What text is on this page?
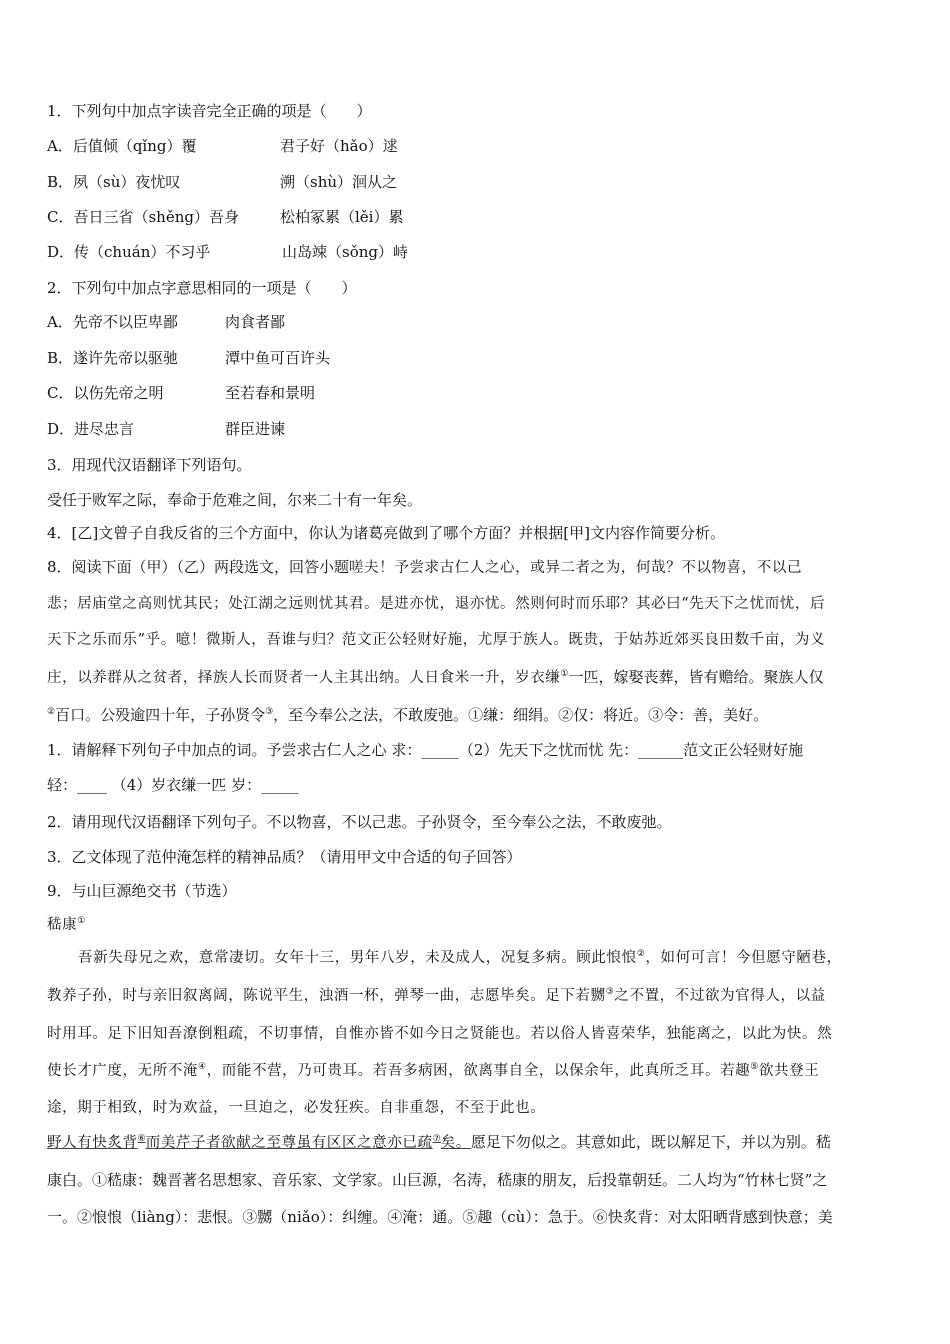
1．下列句中加点字读音完全正确的项是（　　）
A．后值倾（qǐng）覆	君子好（hǎo）逑
B．夙（sù）夜忧叹	溯（shù）洄从之
C．吾日三省（shěng）吾身	松柏冢累（lěi）累
D．传（chuán）不习乎	山岛竦（sǒng）峙
2．下列句中加点字意思相同的一项是（　　）
A．先帝不以臣卑鄙	肉食者鄙
B．遂许先帝以驱驰	潭中鱼可百许头
C．以伤先帝之明	至若春和景明
D．进尽忠言	群臣进谏
3．用现代汉语翻译下列语句。
受任于败军之际，奉命于危难之间，尔来二十有一年矣。
4．[乙]文曾子自我反省的三个方面中，你认为诸葛亮做到了哪个方面？并根据[甲]文内容作简要分析。
8．阅读下面（甲）（乙）两段选文，回答小题嗟夫！予尝求古仁人之心，或异二者之为，何哉？不以物喜，不以己
悲；居庙堂之高则忧其民；处江湖之远则忧其君。是进亦忧，退亦忧。然则何时而乐耶？其必曰“先天下之忧而忧，后
天下之乐而乐”乎。噫！微斯人，吾谁与归？范文正公轻财好施，尤厚于族人。既贵，于姑苏近郊买良田数千亩，为义
庄，以养群从之贫者，择族人长而贤者一人主其出纳。人日食米一升，岁衣缣①一匹，嫁娶丧葬，皆有赡给。聚族人仅
②百口。公殁逾四十年，子孙贤令③，至今奉公之法，不敢废弛。①缣：细绢。②仅：将近。③令：善，美好。
1．请解释下列句子中加点的词。予尝求古仁人之心 求：_____（2）先天下之忧而忧 先：______范文正公轻财好施
轻：____ （4）岁衣缣一匹 岁：_____
2．请用现代汉语翻译下列句子。不以物喜，不以己悲。子孙贤令，至今奉公之法，不敢废弛。
3．乙文体现了范仲淹怎样的精神品质？（请用甲文中合适的句子回答）
9．与山巨源绝交书（节选）
嵇康①
吾新失母兄之欢，意常凄切。女年十三，男年八岁，未及成人，况复多病。顾此悢悢②，如何可言！今但愿守陋巷，
教养子孙，时与亲旧叙离阔，陈说平生，浊酒一杯，弹琴一曲，志愿毕矣。足下若嬲③之不置，不过欲为官得人，以益
时用耳。足下旧知吾潦倒粗疏，不切事情，自惟亦皆不如今日之贤能也。若以俗人皆喜荣华，独能离之，以此为快。然
使长才广度，无所不淹④，而能不营，乃可贵耳。若吾多病困，欲离事自全，以保余年，此真所乏耳。若趣⑤欲共登王
途，期于相致，时为欢益，一旦迫之，必发狂疾。自非重怨，不至于此也。
野人有快炙背⑥而美芹子者欲献之至尊虽有区区之意亦已疏⑦矣。愿足下勿似之。其意如此，既以解足下，并以为别。嵇
康白。①嵇康：魏晋著名思想家、音乐家、文学家。山巨源，名涛，嵇康的朋友，后投靠朝廷。二人均为“竹林七贤”之
一。②悢悢（liàng）：悲恨。③嬲（niǎo）：纠缠。④淹：通。⑤趣（cù）：急于。⑥快炙背：对太阳晒背感到快意；美
